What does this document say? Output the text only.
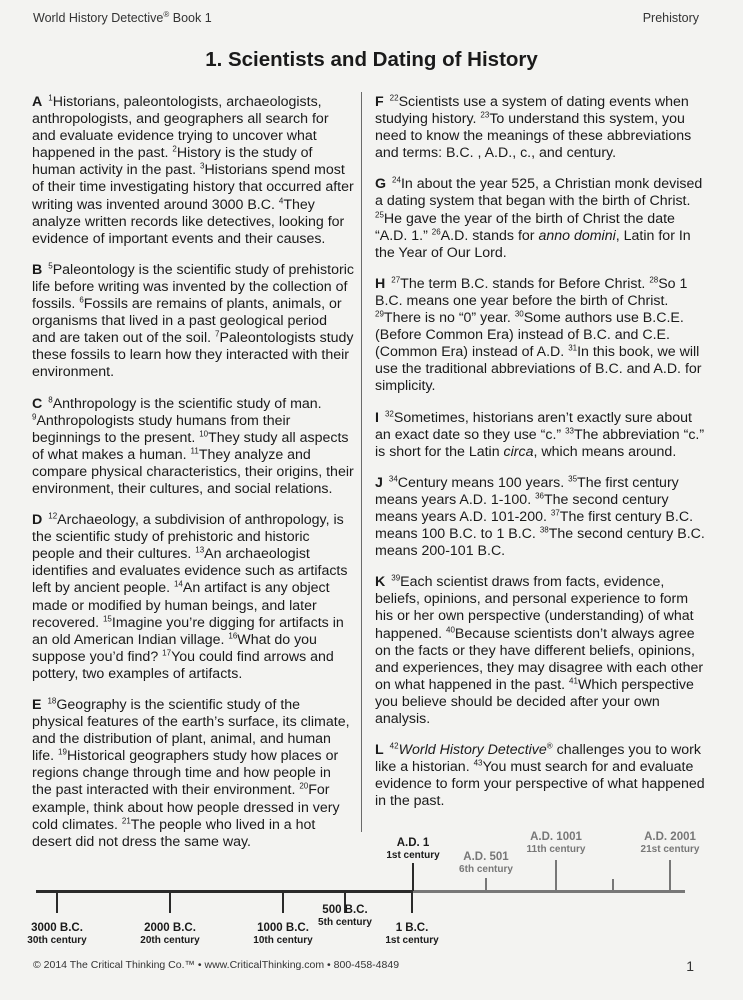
World History Detective® Book 1	Prehistory
1. Scientists and Dating of History

A $^1$Historians, paleontologists, archaeologists, anthropologists, and geographers all search for and evaluate evidence trying to uncover what happened in the past. $^2$History is the study of human activity in the past. $^3$Historians spend most of their time investigating history that occurred after writing was invented around 3000 B.C. $^4$They analyze written records like detectives, looking for evidence of important events and their causes.

B $^5$Paleontology is the scientific study of prehistoric life before writing was invented by the collection of fossils. $^6$Fossils are remains of plants, animals, or organisms that lived in a past geological period and are taken out of the soil. $^7$Paleontologists study these fossils to learn how they interacted with their environment.

C $^8$Anthropology is the scientific study of man. $^9$Anthropologists study humans from their beginnings to the present. $^{10}$They study all aspects of what makes a human. $^{11}$They analyze and compare physical characteristics, their origins, their environment, their cultures, and social relations.

D $^{12}$Archaeology, a subdivision of anthropology, is the scientific study of prehistoric and historic people and their cultures. $^{13}$An archaeologist identifies and evaluates evidence such as artifacts left by ancient people. $^{14}$An artifact is any object made or modified by human beings, and later recovered. $^{15}$Imagine you’re digging for artifacts in an old American Indian village. $^{16}$What do you suppose you’d find? $^{17}$You could find arrows and pottery, two examples of artifacts.

E $^{18}$Geography is the scientific study of the physical features of the earth’s surface, its climate, and the distribution of plant, animal, and human life. $^{19}$Historical geographers study how places or regions change through time and how people in the past interacted with their environment. $^{20}$For example, think about how people dressed in very cold climates. $^{21}$The people who lived in a hot desert did not dress the same way.

F $^{22}$Scientists use a system of dating events when studying history. $^{23}$To understand this system, you need to know the meanings of these abbreviations and terms: B.C. , A.D., c., and century.

G $^{24}$In about the year 525, a Christian monk devised a dating system that began with the birth of Christ. $^{25}$He gave the year of the birth of Christ the date “A.D. 1.” $^{26}$A.D. stands for anno domini, Latin for In the Year of Our Lord.

H $^{27}$The term B.C. stands for Before Christ. $^{28}$So 1 B.C. means one year before the birth of Christ. $^{29}$There is no “0” year. $^{30}$Some authors use B.C.E. (Before Common Era) instead of B.C. and C.E. (Common Era) instead of A.D. $^{31}$In this book, we will use the traditional abbreviations of B.C. and A.D. for simplicity.

I $^{32}$Sometimes, historians aren’t exactly sure about an exact date so they use “c.” $^{33}$The abbreviation “c.” is short for the Latin circa, which means around.

J $^{34}$Century means 100 years. $^{35}$The first century means years A.D. 1-100. $^{36}$The second century means years A.D. 101-200. $^{37}$The first century B.C. means 100 B.C. to 1 B.C. $^{38}$The second century B.C. means 200-101 B.C.

K $^{39}$Each scientist draws from facts, evidence, beliefs, opinions, and personal experience to form his or her own perspective (understanding) of what happened. $^{40}$Because scientists don’t always agree on the facts or they have different beliefs, opinions, and experiences, they may disagree with each other on what happened in the past. $^{41}$Which perspective you believe should be decided after your own analysis.

L $^{42}$World History Detective® challenges you to work like a historian. $^{43}$You must search for and evaluate evidence to form your perspective of what happened in the past.

3000 B.C.
30th century
2000 B.C.
20th century
1000 B.C.
10th century
500 B.C.
5th century	1 B.C.
1st century
A.D. 1
1st century	A.D. 501
6th century
A.D. 1001
11th century
A.D. 2001
21st century
© 2014 The Critical Thinking Co.™ • www.CriticalThinking.com • 800-458-4849	1
